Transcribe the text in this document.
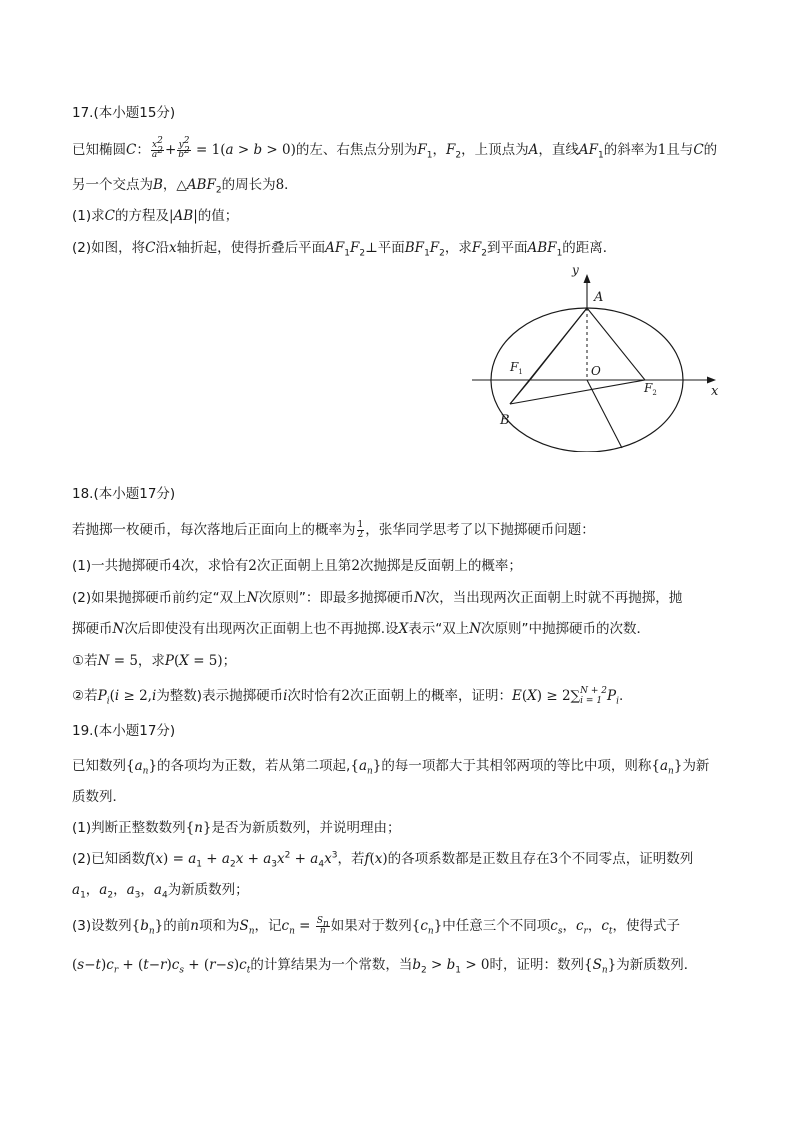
17.(本小题15分)
已知椭圆C： $\frac{x^2}{a^2} + \frac{y^2}{b^2} = 1(a > b > 0)$的左、右焦点分别为$F_1$，$F_2$，上顶点为A，直线$AF_1$的斜率为1且与C的
另一个交点为B，$\triangle ABF_2$的周长为8．
(1)求C的方程及|AB|的值；
(2)如图，将C沿x轴折起，使得折叠后平面$AF_1F_2\perp$平面$BF_1F_2$，求$F_2$到平面$ABF_1$的距离．
y
A
$F_1$	O
$F_2$	x
B
18.(本小题17分)
若抛掷一枚硬币，每次落地后正面向上的概率为 $\frac{1}{2}$ ，张华同学思考了以下抛掷硬币问题：
(1)一共抛掷硬币4次，求恰有2次正面朝上且第2次抛掷是反面朝上的概率；
(2)如果抛掷硬币前约定“双上N次原则”：即最多抛掷硬币N次，当出现两次正面朝上时就不再抛掷，抛
掷硬币N次后即使没有出现两次正面朝上也不再抛掷.设X表示“双上N次原则”中抛掷硬币的次数．
①若N = 5，求P(X = 5)；
②若$P_i(i \ge 2,i$为整数)表示抛掷硬币i次时恰有2次正面朝上的概率，证明：E(X) ≥ 2∑ N + 2
i = 1 $P_i$.
19.(本小题17分)
已知数列$\{a_n\}$的各项均为正数，若从第二项起$,\{a_n\}$的每一项都大于其相邻两项的等比中项，则称$\{a_n\}$为新
质数列．
(1)判断正整数数列{n}是否为新质数列，并说明理由；
(2)已知函数$f(x) = a_1 + a_2x + a_3x^2 + a_4x^3$，若f(x)的各项系数都是正数且存在3个不同零点，证明数列
$a_1$，$a_2$，$a_3$，$a_4$为新质数列；
(3)设数列$\{b_n\}$的前n项和为$S_n$，记$c_n = \frac{S_n}{n}$ 如果对于数列$\{c_n\}$中任意三个不同项$c_s$，$c_r$，$c_t$，使得式子
$(s-t)c_r + (t-r)c_s + (r-s)c_t$的计算结果为一个常数，当$b_2 > b_1 > 0$时，证明：数列$\{S_n\}$为新质数列．
